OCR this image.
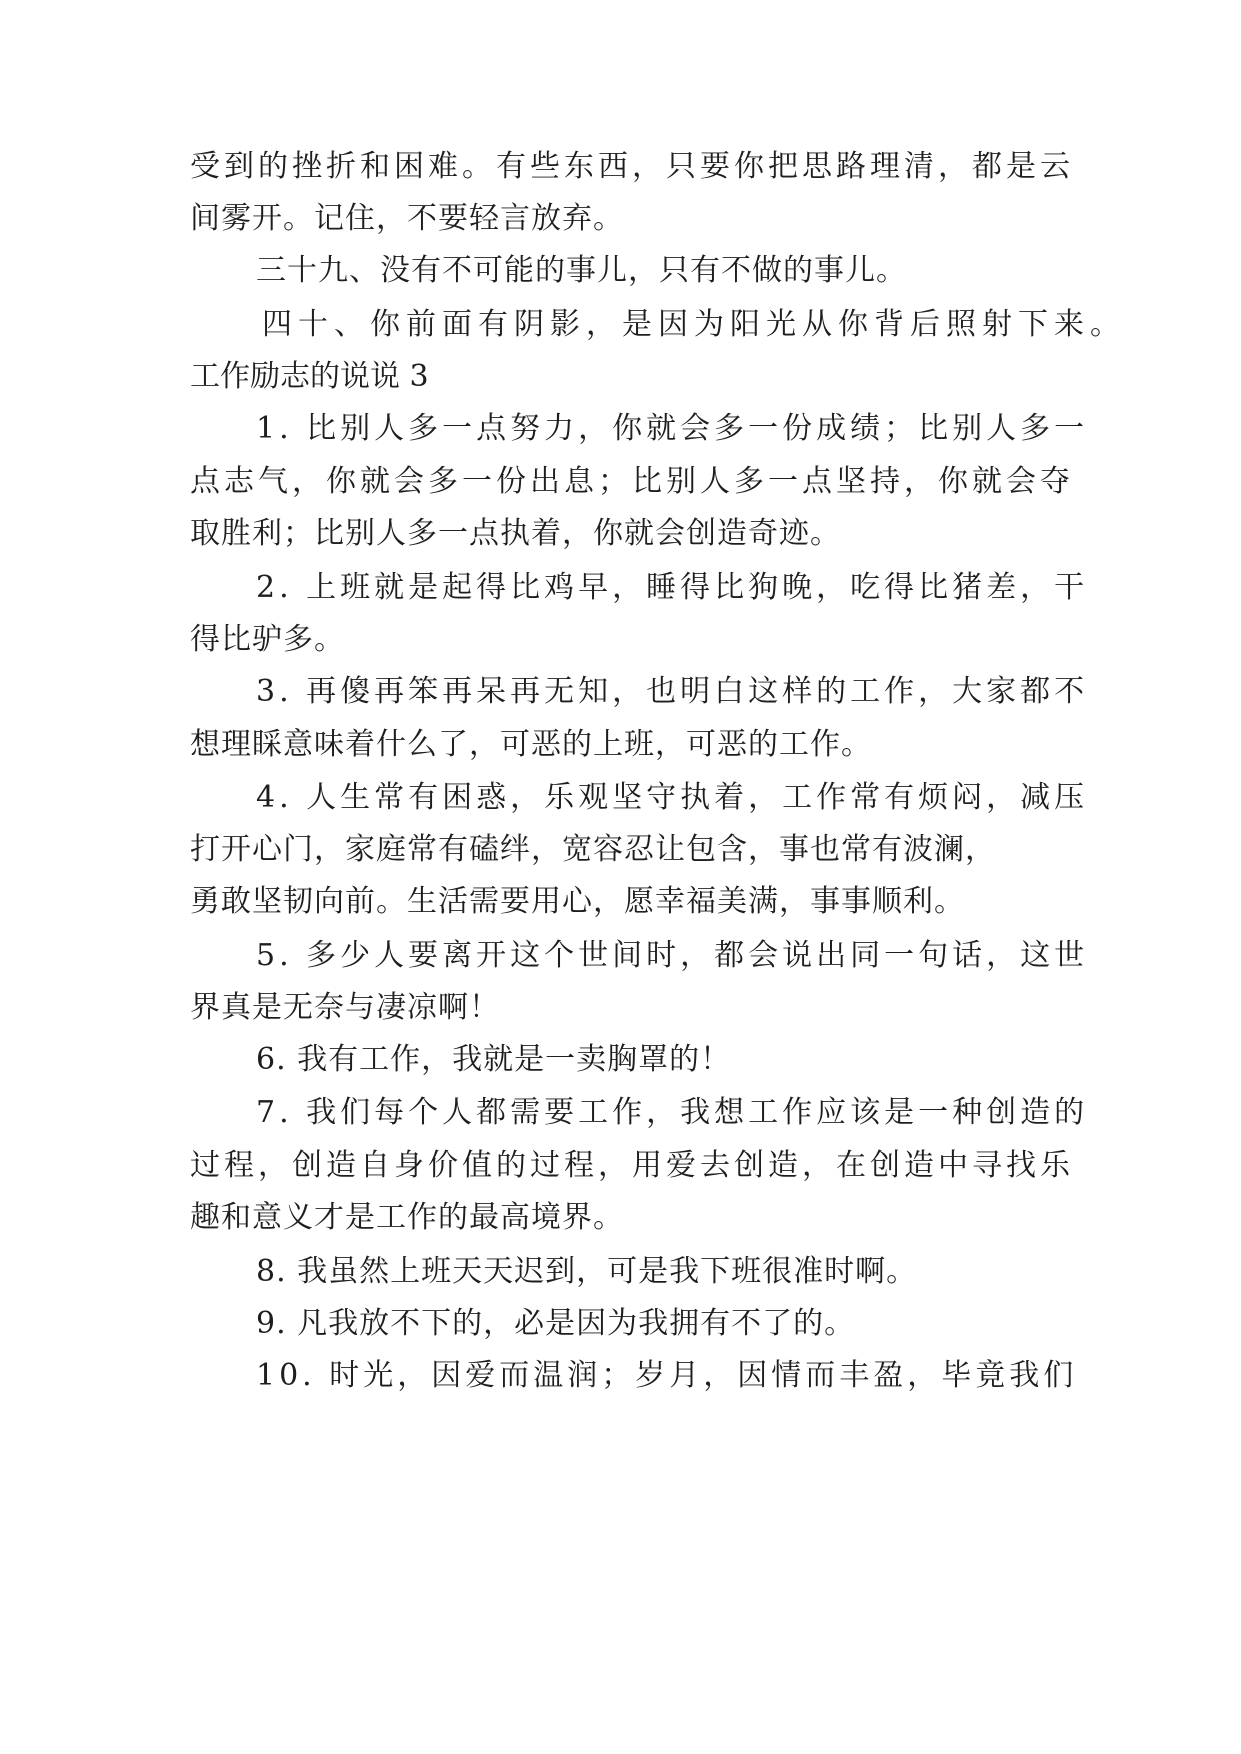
受到的挫折和困难。有些东西，只要你把思路理清，都是云
间雾开。记住，不要轻言放弃。
三十九、没有不可能的事儿，只有不做的事儿。
四十、你前面有阴影，是因为阳光从你背后照射下来。
工作励志的说说 3
1. 比别人多一点努力，你就会多一份成绩；比别人多一
点志气，你就会多一份出息；比别人多一点坚持，你就会夺
取胜利；比别人多一点执着，你就会创造奇迹。
2. 上班就是起得比鸡早，睡得比狗晚，吃得比猪差，干
得比驴多。
3. 再傻再笨再呆再无知，也明白这样的工作，大家都不
想理睬意味着什么了，可恶的上班，可恶的工作。
4. 人生常有困惑，乐观坚守执着，工作常有烦闷，减压
打开心门，家庭常有磕绊，宽容忍让包含，事也常有波澜，
勇敢坚韧向前。生活需要用心，愿幸福美满，事事顺利。
5. 多少人要离开这个世间时，都会说出同一句话，这世
界真是无奈与凄凉啊！
6. 我有工作，我就是一卖胸罩的！
7. 我们每个人都需要工作，我想工作应该是一种创造的
过程，创造自身价值的过程，用爱去创造，在创造中寻找乐
趣和意义才是工作的最高境界。
8. 我虽然上班天天迟到，可是我下班很准时啊。
9. 凡我放不下的，必是因为我拥有不了的。
10. 时光，因爱而温润；岁月，因情而丰盈，毕竟我们
